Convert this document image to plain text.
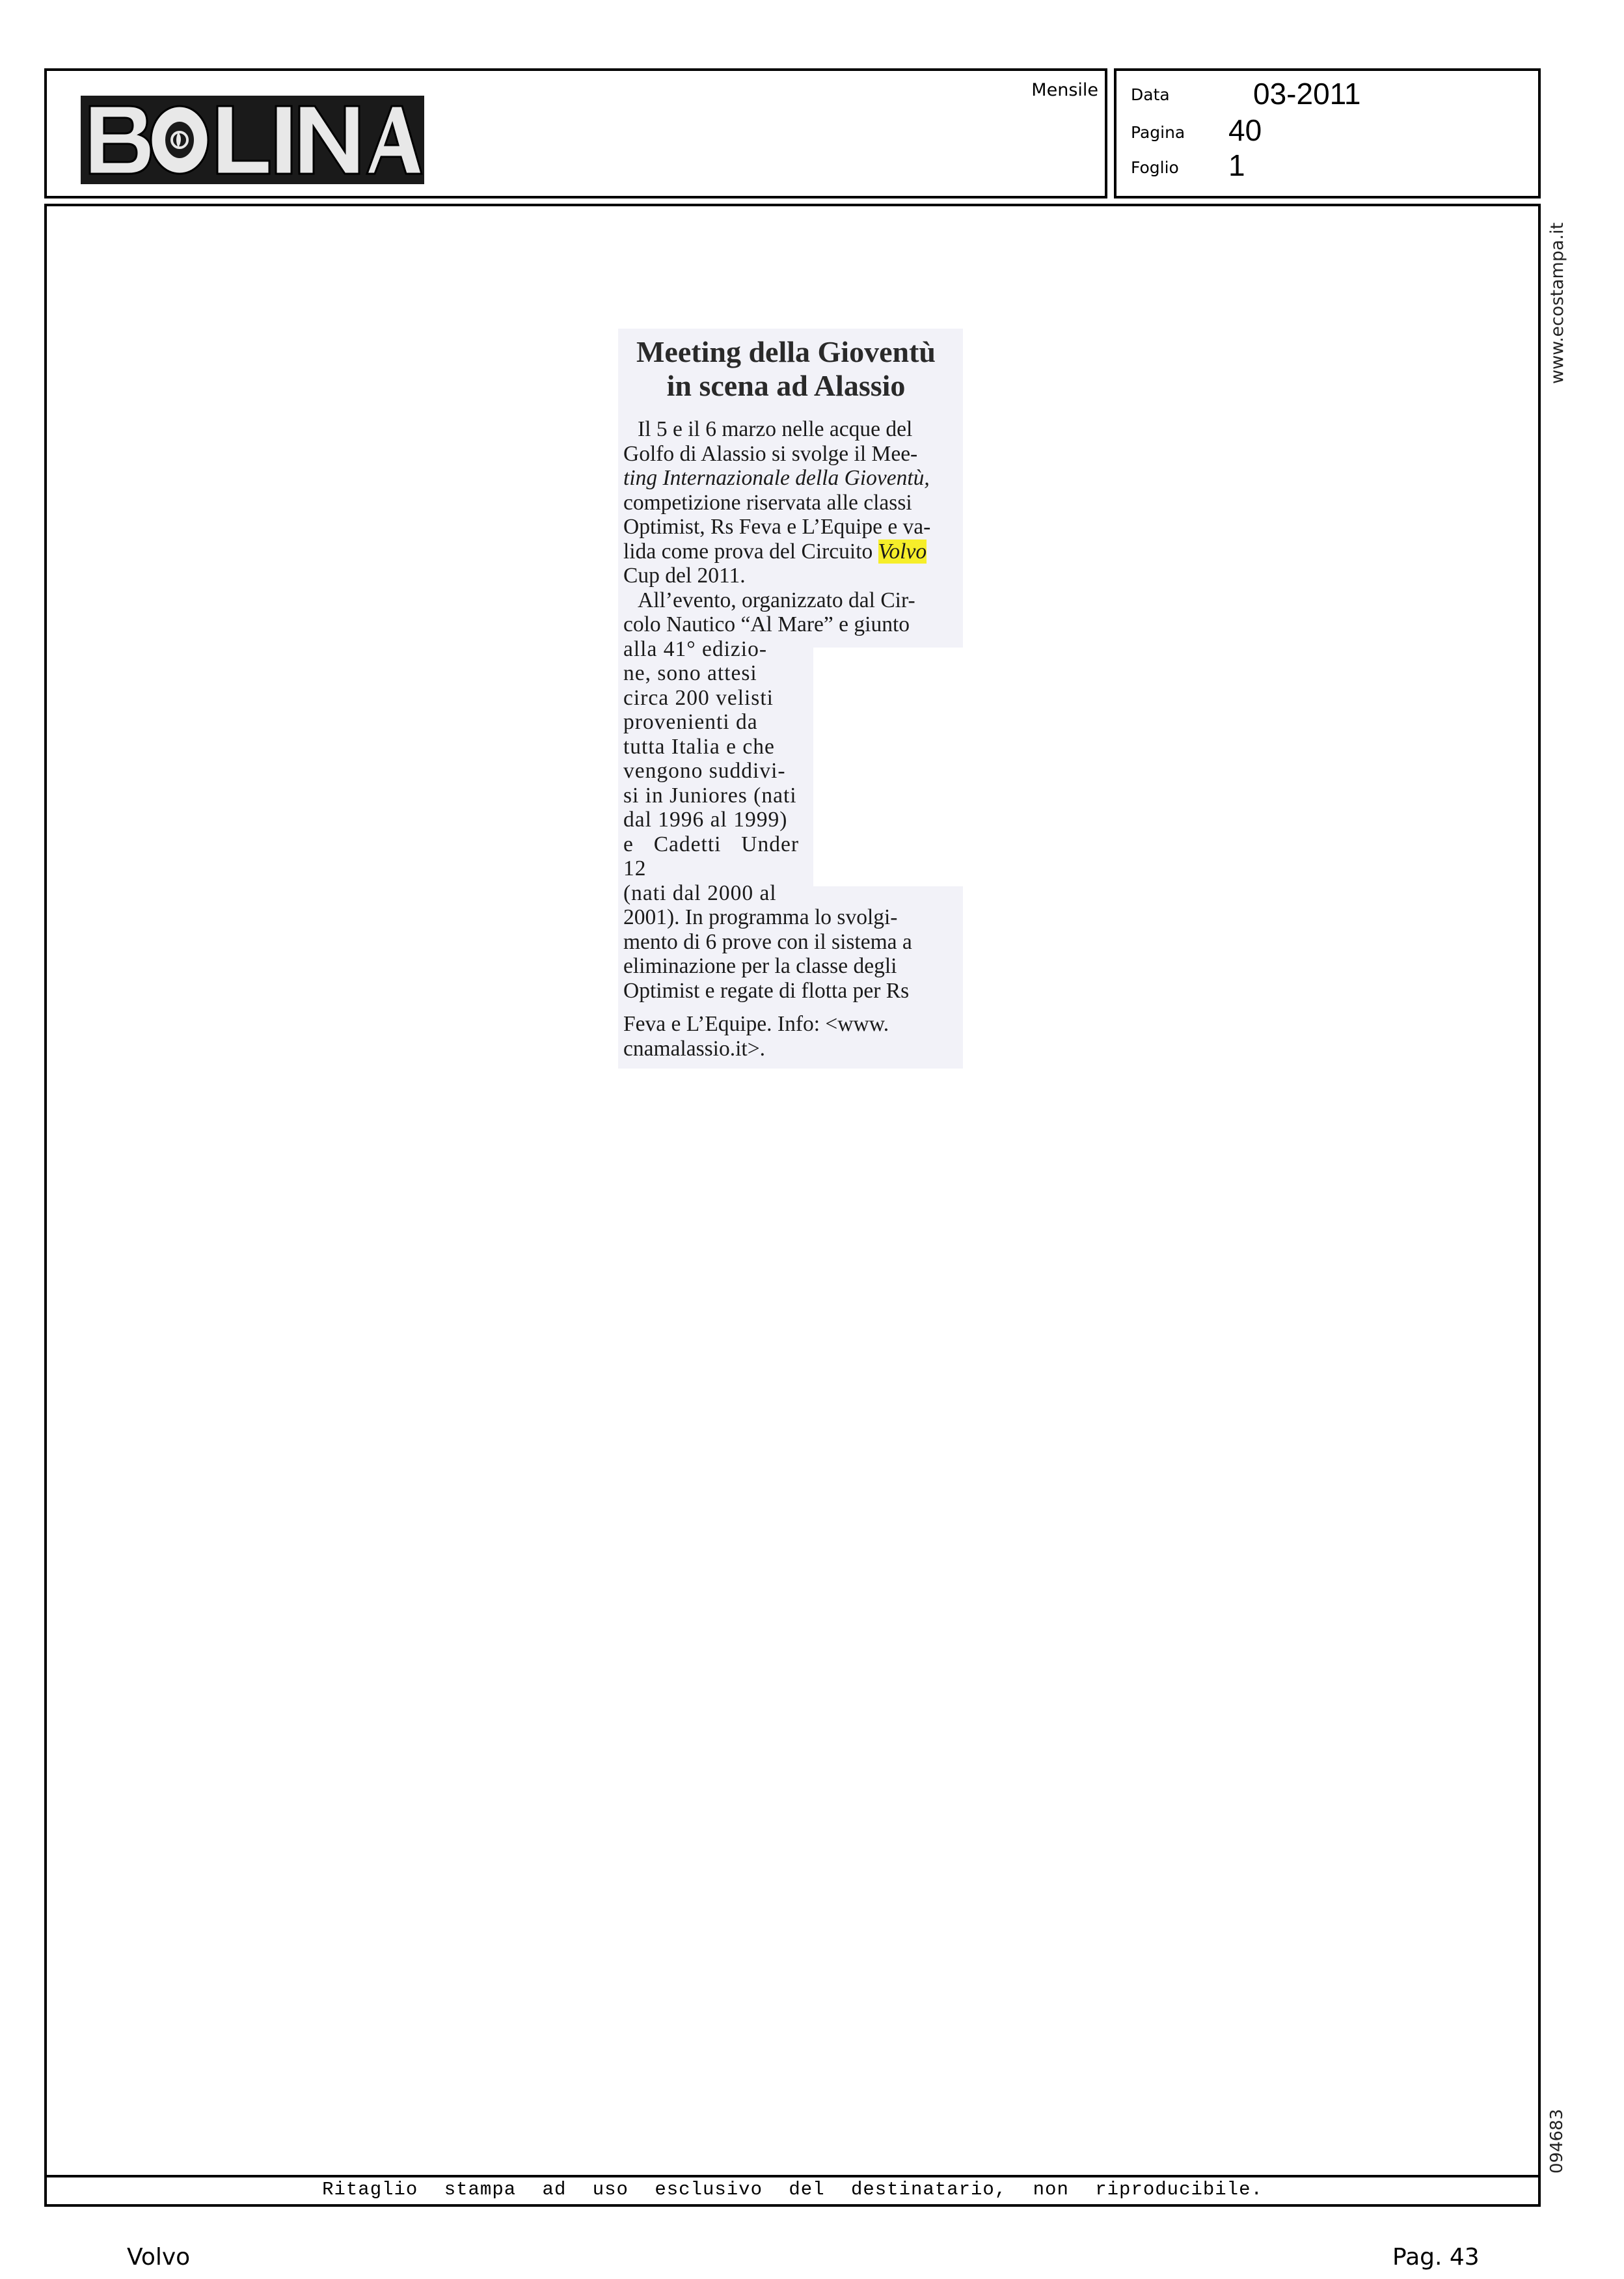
Mensile Data	03-2011
Pagina 40
Foglio 1
Ritaglio stampa ad uso esclusivo del destinatario, non riproducibile.
www.ecostampa.it
094683
Meeting della Gioventù
in scena ad Alassio
Il 5 e il 6 marzo nelle acque del
Golfo di Alassio si svolge il Mee-
ting Internazionale della Gioventù,
competizione riservata alle classi
Optimist, Rs Feva e L’Equipe e va-
lida come prova del Circuito Volvo
Cup del 2011.
All’evento, organizzato dal Cir-
colo Nautico “Al Mare” e giunto
alla 41° edizio-
ne, sono attesi
circa 200 velisti
provenienti da
tutta Italia e che
vengono suddivi-
si in Juniores (nati
dal 1996 al 1999)
e Cadetti Under 12
(nati dal 2000 al
2001). In programma lo svolgi-
mento di 6 prove con il sistema a
eliminazione per la classe degli
Optimist e regate di flotta per Rs
Feva e L’Equipe. Info: <www.
cnamalassio.it>.
Volvo	Pag. 43
